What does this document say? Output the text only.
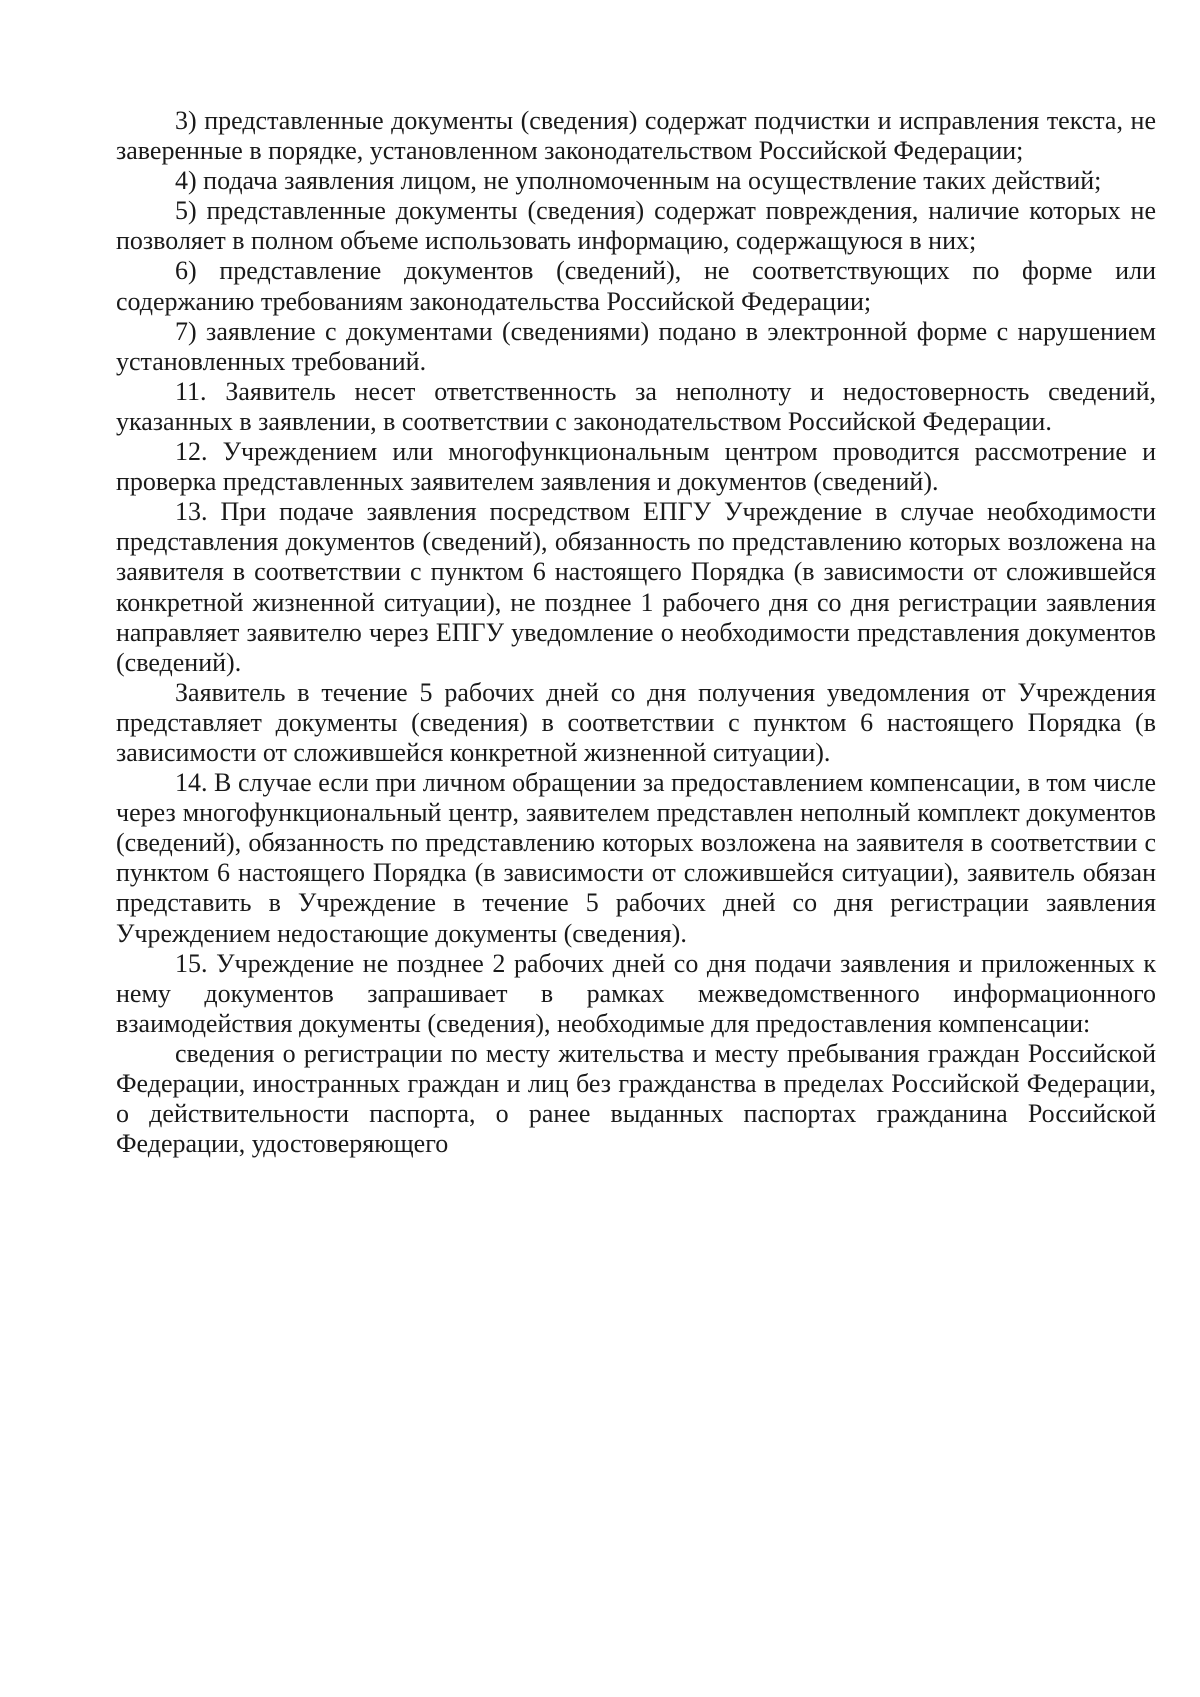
3) представленные документы (сведения) содержат подчистки и исправления текста, не заверенные в порядке, установленном законодательством Российской Федерации;

4) подача заявления лицом, не уполномоченным на осуществление таких действий;

5) представленные документы (сведения) содержат повреждения, наличие которых не позволяет в полном объеме использовать информацию, содержащуюся в них;

6) представление документов (сведений), не соответствующих по форме или содержанию требованиям законодательства Российской Федерации;

7) заявление с документами (сведениями) подано в электронной форме с нарушением установленных требований.

11. Заявитель несет ответственность за неполноту и недостоверность сведений, указанных в заявлении, в соответствии с законодательством Российской Федерации.

12. Учреждением или многофункциональным центром проводится рассмотрение и проверка представленных заявителем заявления и документов (сведений).

13. При подаче заявления посредством ЕПГУ Учреждение в случае необходимости представления документов (сведений), обязанность по представлению которых возложена на заявителя в соответствии с пунктом 6 настоящего Порядка (в зависимости от сложившейся конкретной жизненной ситуации), не позднее 1 рабочего дня со дня регистрации заявления направляет заявителю через ЕПГУ уведомление о необходимости представления документов (сведений).

Заявитель в течение 5 рабочих дней со дня получения уведомления от Учреждения представляет документы (сведения) в соответствии с пунктом 6 настоящего Порядка (в зависимости от сложившейся конкретной жизненной ситуации).

14. В случае если при личном обращении за предоставлением компенсации, в том числе через многофункциональный центр, заявителем представлен неполный комплект документов (сведений), обязанность по представлению которых возложена на заявителя в соответствии с пунктом 6 настоящего Порядка (в зависимости от сложившейся ситуации), заявитель обязан представить в Учреждение в течение 5 рабочих дней со дня регистрации заявления Учреждением недостающие документы (сведения).

15. Учреждение не позднее 2 рабочих дней со дня подачи заявления и приложенных к нему документов запрашивает в рамках межведомственного информационного взаимодействия документы (сведения), необходимые для предоставления компенсации:

сведения о регистрации по месту жительства и месту пребывания граждан Российской Федерации, иностранных граждан и лиц без гражданства в пределах Российской Федерации, о действительности паспорта, о ранее выданных паспортах гражданина Российской Федерации, удостоверяющего
